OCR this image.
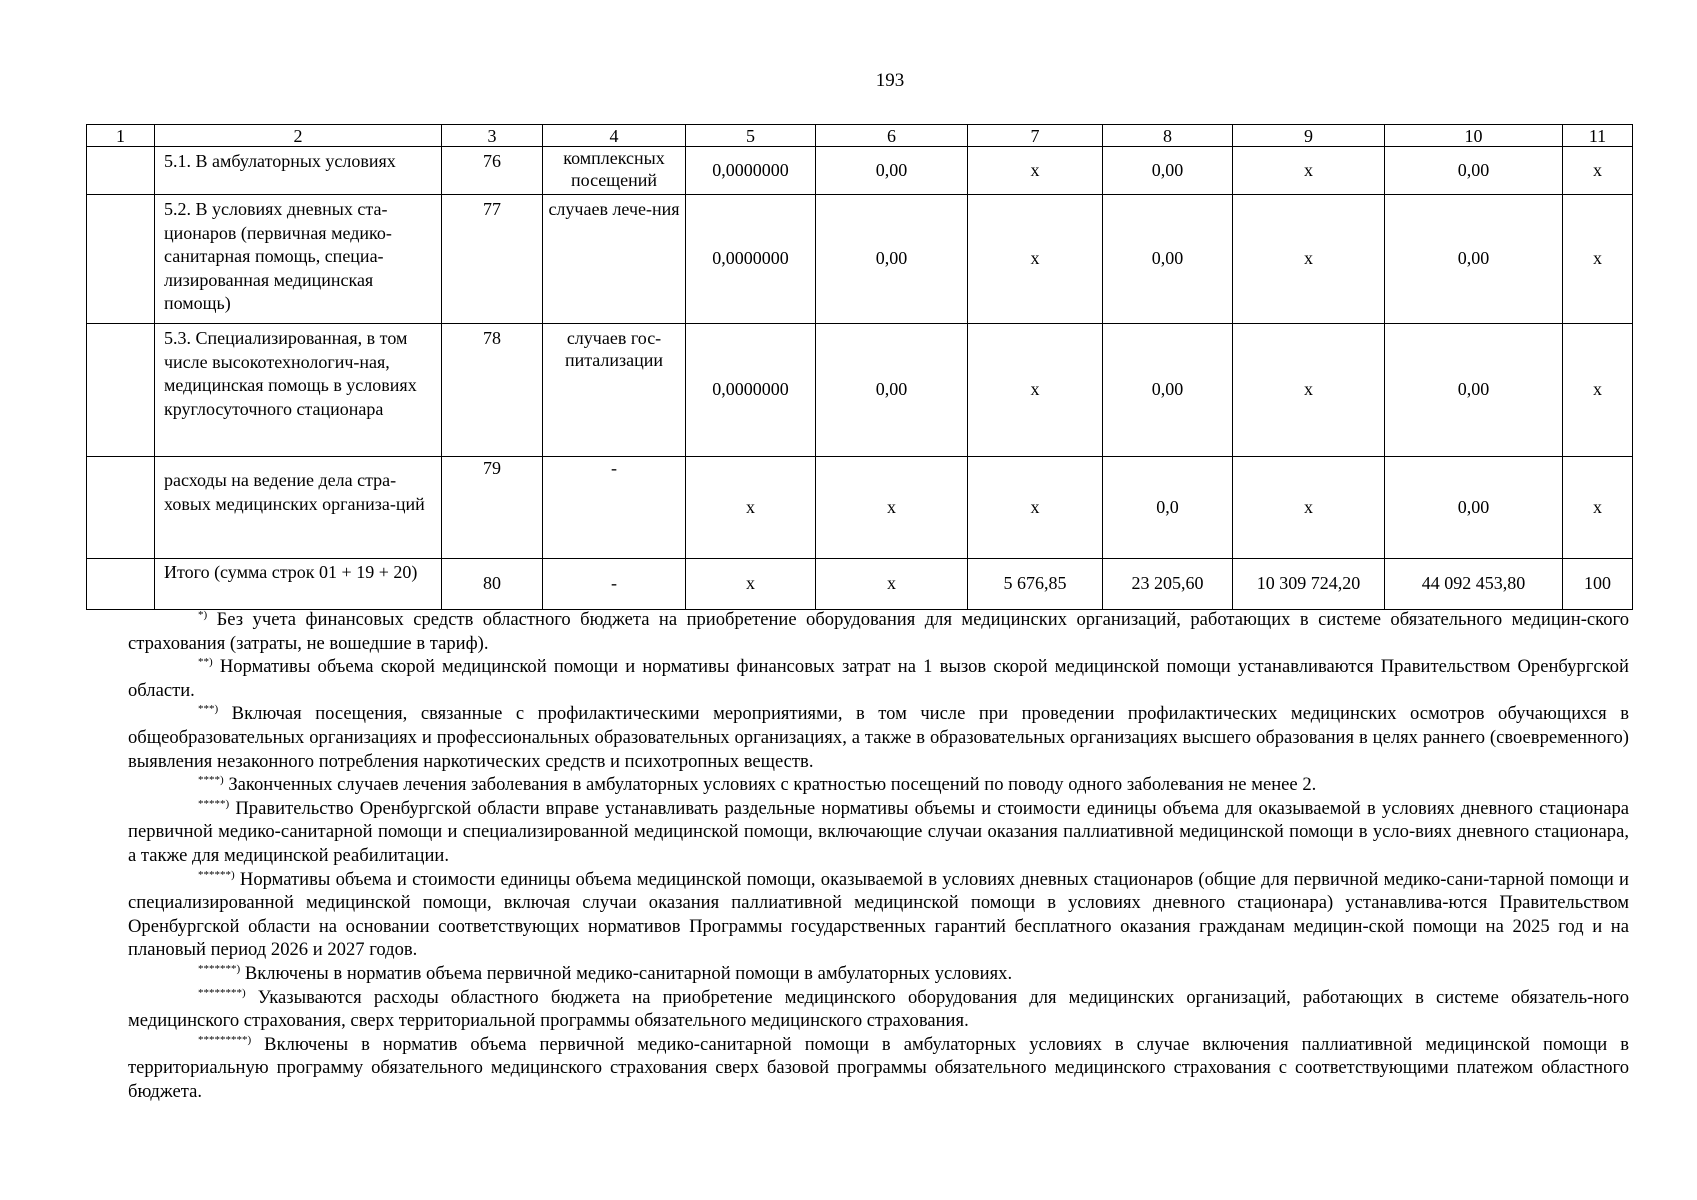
193
1	2	3	4	5	6	7	8	9	10	11
	5.1. В амбулаторных условиях	76	комплексных посещений	0,0000000	0,00	х	0,00	х	0,00	х
	5.2. В условиях дневных ста-ционаров (первичная медико-санитарная помощь, специа-лизированная медицинская помощь)	77	случаев лече-ния	0,0000000	0,00	х	0,00	х	0,00	х
	5.3. Специализированная, в том числе высокотехнологич-ная, медицинская помощь в условиях круглосуточного стационара	78	случаев гос-питализации	0,0000000	0,00	х	0,00	х	0,00	х
	расходы на ведение дела стра-ховых медицинских организа-ций	79	-	х	х	х	0,0	х	0,00	х
	Итого (сумма строк 01 + 19 + 20)	80	-	х	х	5 676,85	23 205,60	10 309 724,20	44 092 453,80	100

*) Без учета финансовых средств областного бюджета на приобретение оборудования для медицинских организаций, работающих в системе обязательного медицин-ского страхования (затраты, не вошедшие в тариф).

**) Нормативы объема скорой медицинской помощи и нормативы финансовых затрат на 1 вызов скорой медицинской помощи устанавливаются Правительством Оренбургской области.

***) Включая посещения, связанные с профилактическими мероприятиями, в том числе при проведении профилактических медицинских осмотров обучающихся в общеобразовательных организациях и профессиональных образовательных организациях, а также в образовательных организациях высшего образования в целях раннего (своевременного) выявления незаконного потребления наркотических средств и психотропных веществ.

****) Законченных случаев лечения заболевания в амбулаторных условиях с кратностью посещений по поводу одного заболевания не менее 2.

*****) Правительство Оренбургской области вправе устанавливать раздельные нормативы объемы и стоимости единицы объема для оказываемой в условиях дневного стационара первичной медико-санитарной помощи и специализированной медицинской помощи, включающие случаи оказания паллиативной медицинской помощи в усло-виях дневного стационара, а также для медицинской реабилитации.

******) Нормативы объема и стоимости единицы объема медицинской помощи, оказываемой в условиях дневных стационаров (общие для первичной медико-сани-тарной помощи и специализированной медицинской помощи, включая случаи оказания паллиативной медицинской помощи в условиях дневного стационара) устанавлива-ются Правительством Оренбургской области на основании соответствующих нормативов Программы государственных гарантий бесплатного оказания гражданам медицин-ской помощи на 2025 год и на плановый период 2026 и 2027 годов.

*******) Включены в норматив объема первичной медико-санитарной помощи в амбулаторных условиях.

********) Указываются расходы областного бюджета на приобретение медицинского оборудования для медицинских организаций, работающих в системе обязатель-ного медицинского страхования, сверх территориальной программы обязательного медицинского страхования.

*********) Включены в норматив объема первичной медико-санитарной помощи в амбулаторных условиях в случае включения паллиативной медицинской помощи в территориальную программу обязательного медицинского страхования сверх базовой программы обязательного медицинского страхования с соответствующими платежом областного бюджета.
